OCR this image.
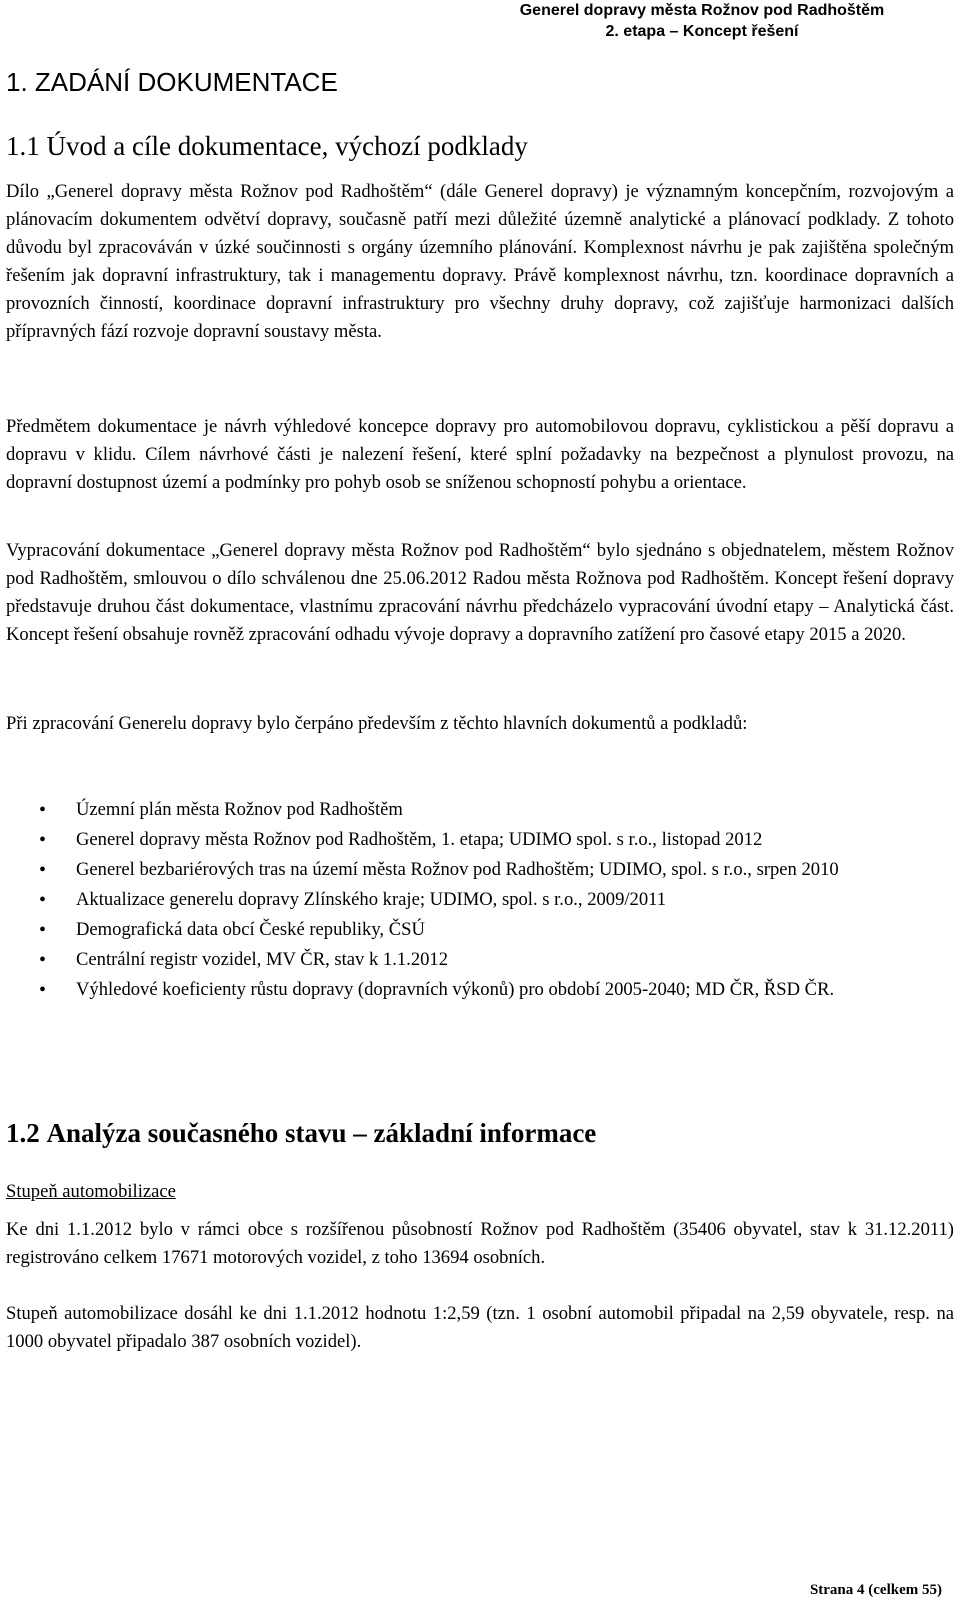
Generel dopravy města Rožnov pod Radhoštěm
2. etapa – Koncept řešení
1. ZADÁNÍ DOKUMENTACE
1.1 Úvod a cíle dokumentace, výchozí podklady

Dílo „Generel dopravy města Rožnov pod Radhoštěm“ (dále Generel dopravy) je významným koncepčním, rozvojovým a plánovacím dokumentem odvětví dopravy, současně patří mezi důležité územně analytické a plánovací podklady. Z tohoto důvodu byl zpracováván v úzké součinnosti s orgány územního plánování. Komplexnost návrhu je pak zajištěna společným řešením jak dopravní infrastruktury, tak i managementu dopravy. Právě komplexnost návrhu, tzn. koordinace dopravních a provozních činností, koordinace dopravní infrastruktury pro všechny druhy dopravy, což zajišťuje harmonizaci dalších přípravných fází rozvoje dopravní soustavy města.

Předmětem dokumentace je návrh výhledové koncepce dopravy pro automobilovou dopravu, cyklistickou a pěší dopravu a dopravu v klidu. Cílem návrhové části je nalezení řešení, které splní požadavky na bezpečnost a plynulost provozu, na dopravní dostupnost území a podmínky pro pohyb osob se sníženou schopností pohybu a orientace.

Vypracování dokumentace „Generel dopravy města Rožnov pod Radhoštěm“ bylo sjednáno s objednatelem, městem Rožnov pod Radhoštěm, smlouvou o dílo schválenou dne 25.06.2012 Radou města Rožnova pod Radhoštěm. Koncept řešení dopravy představuje druhou část dokumentace, vlastnímu zpracování návrhu předcházelo vypracování úvodní etapy – Analytická část. Koncept řešení obsahuje rovněž zpracování odhadu vývoje dopravy a dopravního zatížení pro časové etapy 2015 a 2020.

Při zpracování Generelu dopravy bylo čerpáno především z těchto hlavních dokumentů a podkladů:

• Územní plán města Rožnov pod Radhoštěm
• Generel dopravy města Rožnov pod Radhoštěm, 1. etapa; UDIMO spol. s r.o., listopad 2012
• Generel bezbariérových tras na území města Rožnov pod Radhoštěm; UDIMO, spol. s r.o., srpen 2010
• Aktualizace generelu dopravy Zlínského kraje; UDIMO, spol. s r.o., 2009/2011
• Demografická data obcí České republiky, ČSÚ
• Centrální registr vozidel, MV ČR, stav k 1.1.2012
• Výhledové koeficienty růstu dopravy (dopravních výkonů) pro období 2005-2040; MD ČR, ŘSD ČR.
1.2 Analýza současného stavu – základní informace

Stupeň automobilizace

Ke dni 1.1.2012 bylo v rámci obce s rozšířenou působností Rožnov pod Radhoštěm (35406 obyvatel, stav k 31.12.2011) registrováno celkem 17671 motorových vozidel, z toho 13694 osobních.

Stupeň automobilizace dosáhl ke dni 1.1.2012 hodnotu 1:2,59 (tzn. 1 osobní automobil připadal na 2,59 obyvatele, resp. na 1000 obyvatel připadalo 387 osobních vozidel).

Strana 4 (celkem 55)
